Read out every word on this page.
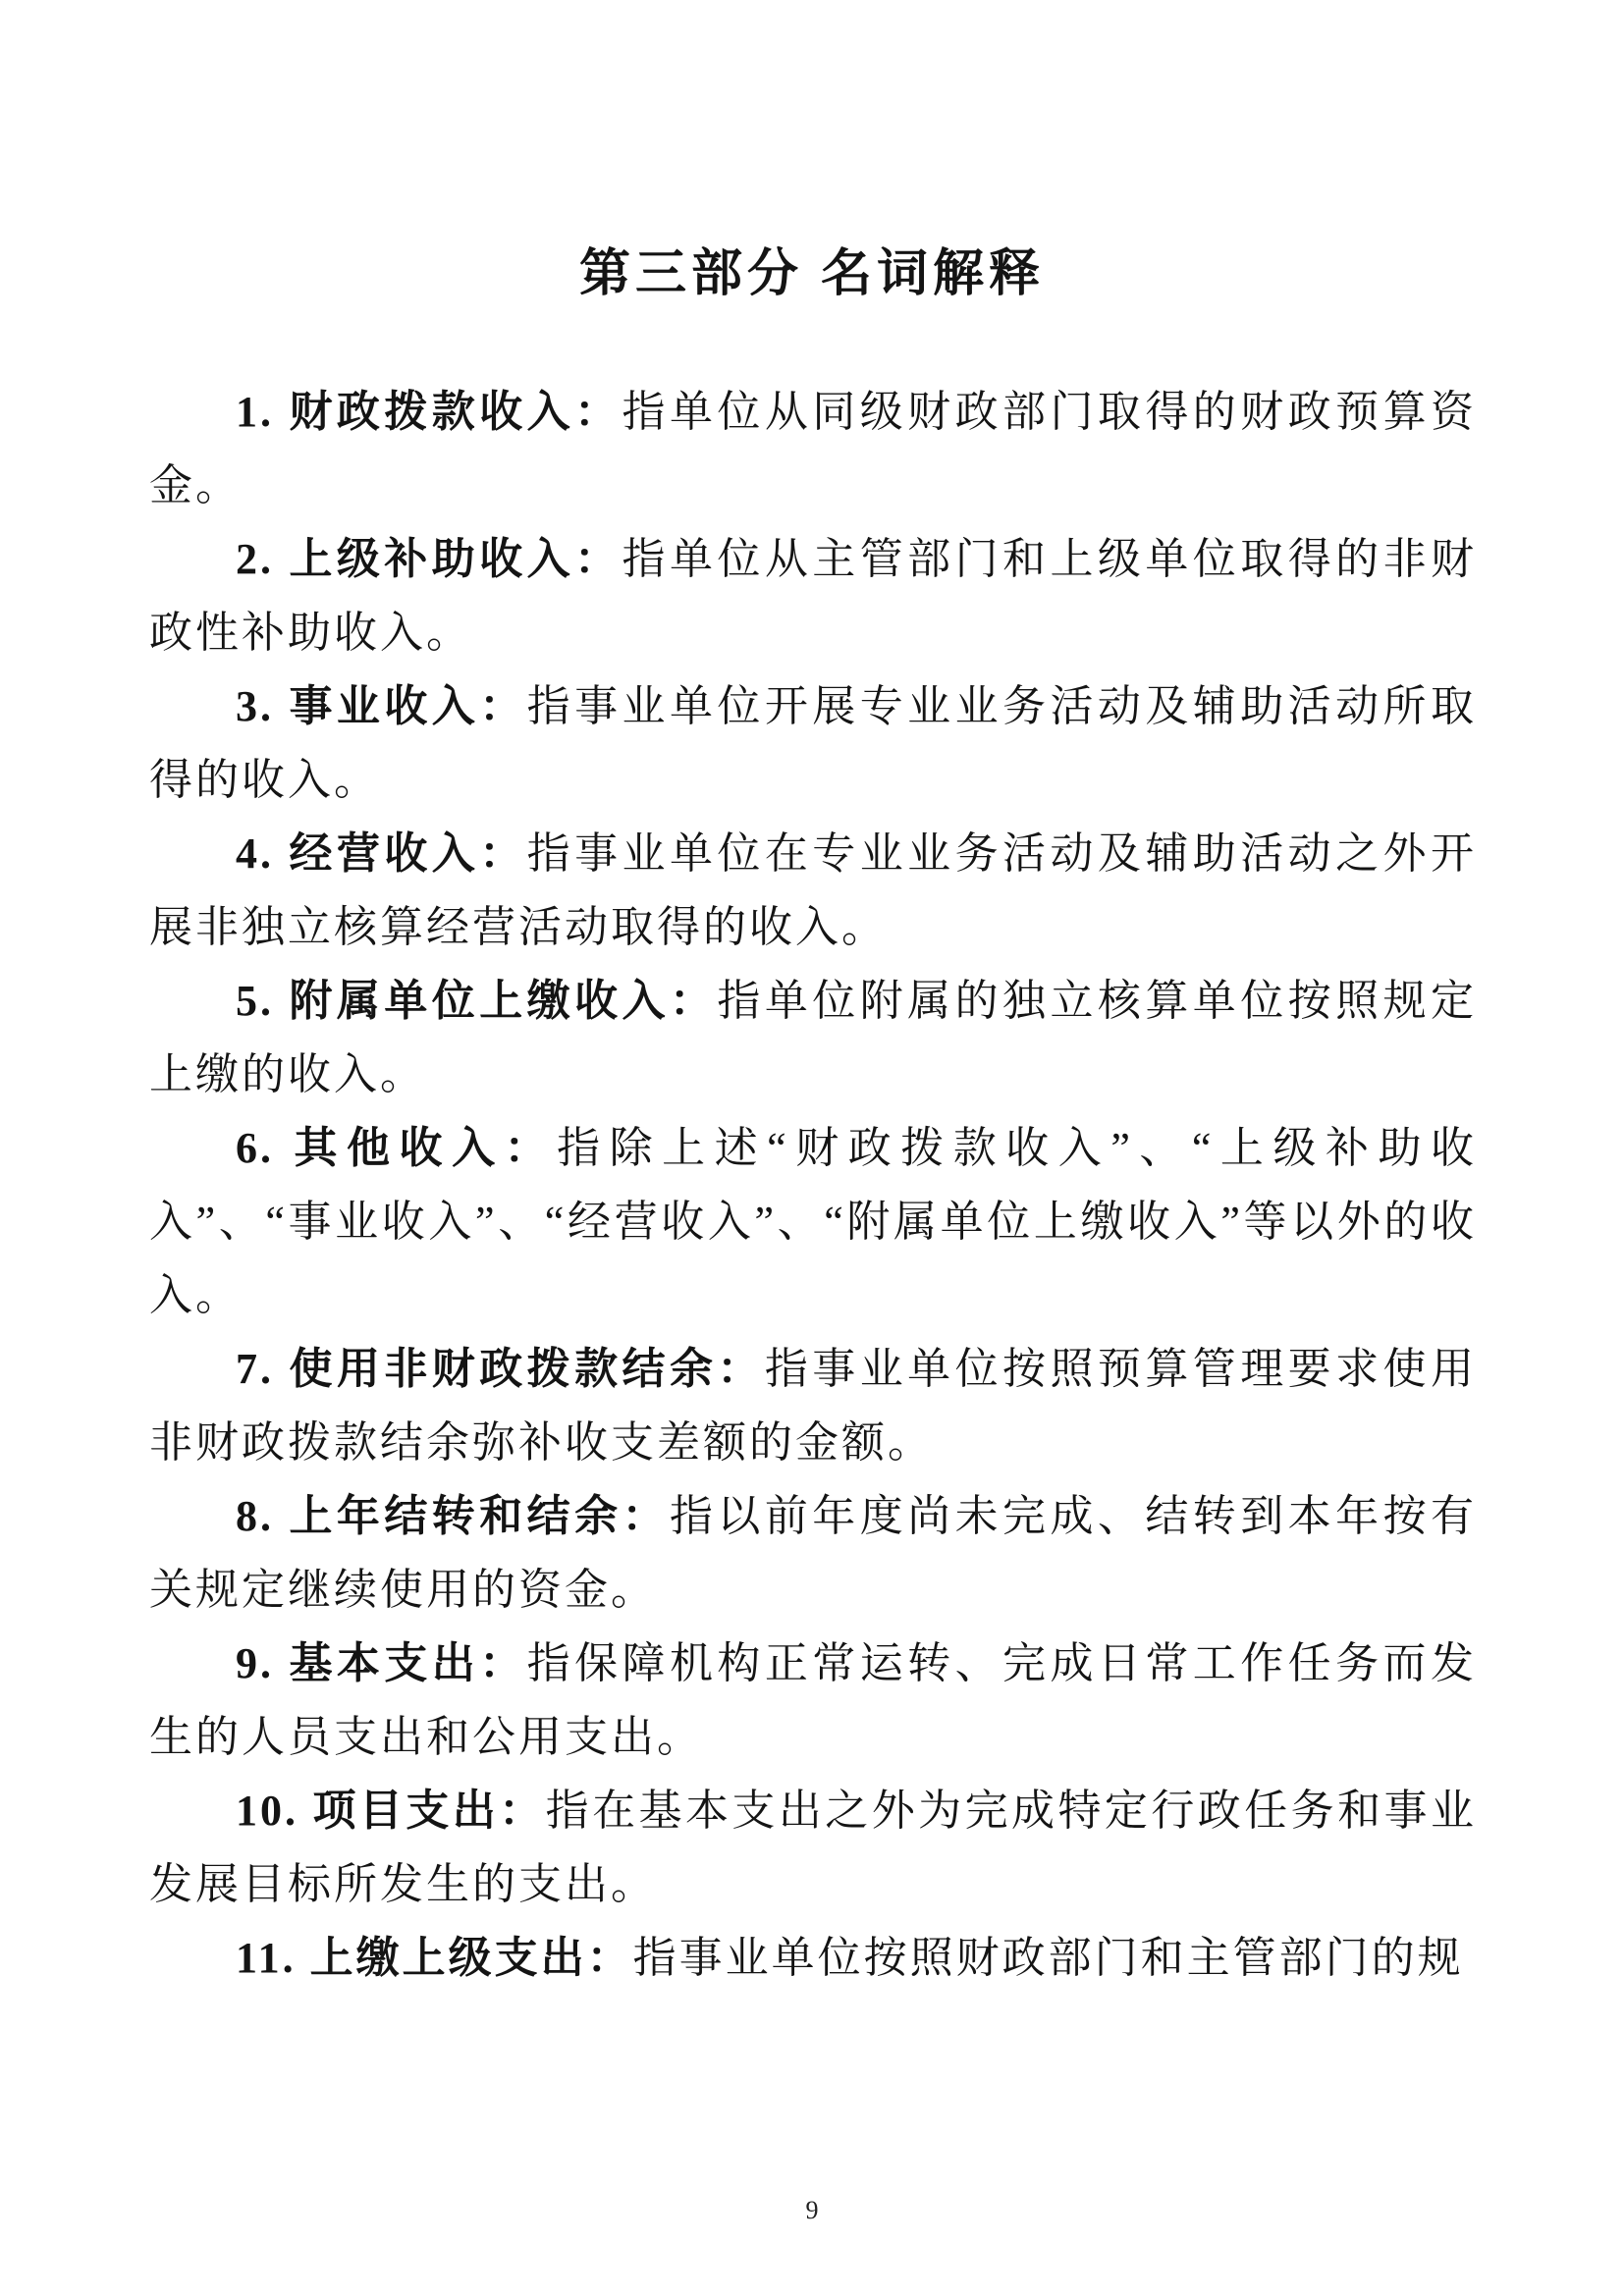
第三部分 名词解释

1. 财政拨款收入：指单位从同级财政部门取得的财政预算资金。

2. 上级补助收入：指单位从主管部门和上级单位取得的非财政性补助收入。

3. 事业收入：指事业单位开展专业业务活动及辅助活动所取得的收入。

4. 经营收入：指事业单位在专业业务活动及辅助活动之外开展非独立核算经营活动取得的收入。

5. 附属单位上缴收入：指单位附属的独立核算单位按照规定上缴的收入。

6. 其他收入：指除上述“财政拨款收入”、“上级补助收入”、“事业收入”、“经营收入”、“附属单位上缴收入”等以外的收入。

7. 使用非财政拨款结余：指事业单位按照预算管理要求使用非财政拨款结余弥补收支差额的金额。

8. 上年结转和结余：指以前年度尚未完成、结转到本年按有关规定继续使用的资金。

9. 基本支出：指保障机构正常运转、完成日常工作任务而发生的人员支出和公用支出。

10. 项目支出：指在基本支出之外为完成特定行政任务和事业发展目标所发生的支出。

11. 上缴上级支出：指事业单位按照财政部门和主管部门的规

9
